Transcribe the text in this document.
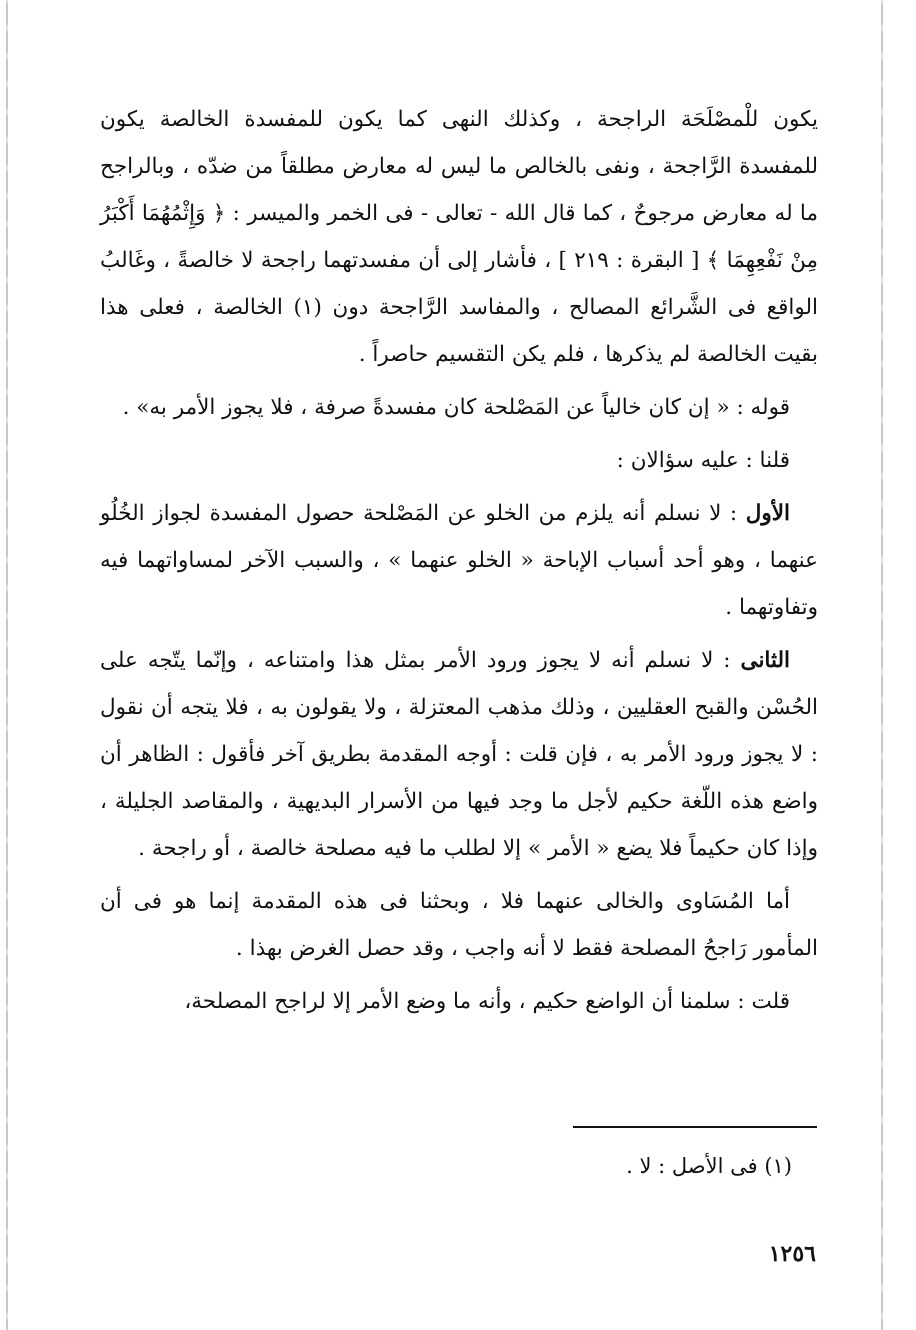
يكون للْمصْلَحَة الراجحة ، وكذلك النهى كما يكون للمفسدة الخالصة يكون للمفسدة الرَّاجحة ، ونفى بالخالص ما ليس له معارض مطلقاً من ضدّه ، وبالراجح ما له معارض مرجوحٌ ، كما قال الله - تعالى - فى الخمر والميسر : ﴿ وَإِثْمُهُمَا أَكْبَرُ مِنْ نَفْعِهِمَا ﴾ [ البقرة : ٢١٩ ] ، فأشار إلى أن مفسدتهما راجحة لا خالصةً ، وغَالبُ الواقع فى الشَّرائع المصالح ، والمفاسد الرَّاجحة دون (١) الخالصة ، فعلى هذا بقيت الخالصة لم يذكرها ، فلم يكن التقسيم حاصراً .

قوله : « إن كان خالياً عن المَصْلحة كان مفسدةً صرفة ، فلا يجوز الأمر به» .

قلنا : عليه سؤالان :

الأول : لا نسلم أنه يلزم من الخلو عن المَصْلحة حصول المفسدة لجواز الخُلُو عنهما ، وهو أحد أسباب الإباحة « الخلو عنهما » ، والسبب الآخر لمساواتهما فيه وتفاوتهما .

الثانى : لا نسلم أنه لا يجوز ورود الأمر بمثل هذا وامتناعه ، وإنّما يتّجه على الحُسْن والقبح العقليين ، وذلك مذهب المعتزلة ، ولا يقولون به ، فلا يتجه أن نقول : لا يجوز ورود الأمر به ، فإن قلت : أوجه المقدمة بطريق آخر فأقول : الظاهر أن واضع هذه اللّغة حكيم لأجل ما وجد فيها من الأسرار البديهية ، والمقاصد الجليلة ، وإذا كان حكيماً فلا يضع « الأمر » إلا لطلب ما فيه مصلحة خالصة ، أو راجحة .

أما المُسَاوى والخالى عنهما فلا ، وبحثنا فى هذه المقدمة إنما هو فى أن المأمور رَاجحُ المصلحة فقط لا أنه واجب ، وقد حصل الغرض بهذا .

قلت : سلمنا أن الواضع حكيم ، وأنه ما وضع الأمر إلا لراجح المصلحة،

(١) فى الأصل : لا .
١٢٥٦
